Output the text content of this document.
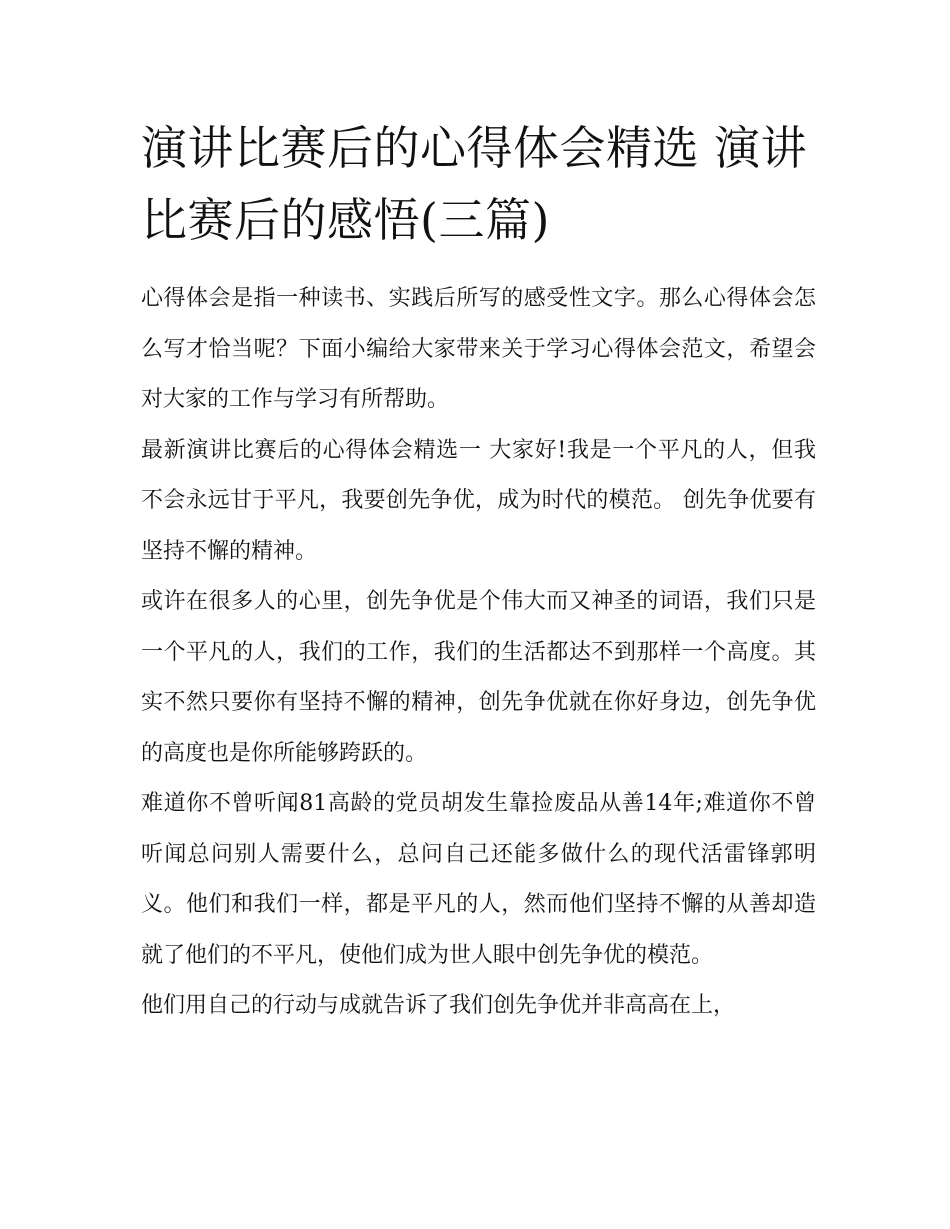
演讲比赛后的心得体会精选 演讲比赛后的感悟(三篇)

心得体会是指一种读书、实践后所写的感受性文字。那么心得体会怎么写才恰当呢？下面小编给大家带来关于学习心得体会范文，希望会对大家的工作与学习有所帮助。

最新演讲比赛后的心得体会精选一 大家好!我是一个平凡的人，但我不会永远甘于平凡，我要创先争优，成为时代的模范。 创先争优要有坚持不懈的精神。

或许在很多人的心里，创先争优是个伟大而又神圣的词语，我们只是一个平凡的人，我们的工作，我们的生活都达不到那样一个高度。其实不然只要你有坚持不懈的精神，创先争优就在你好身边，创先争优的高度也是你所能够跨跃的。

难道你不曾听闻81高龄的党员胡发生靠捡废品从善14年;难道你不曾听闻总问别人需要什么，总问自己还能多做什么的现代活雷锋郭明义。他们和我们一样，都是平凡的人，然而他们坚持不懈的从善却造就了他们的不平凡，使他们成为世人眼中创先争优的模范。

他们用自己的行动与成就告诉了我们创先争优并非高高在上，
